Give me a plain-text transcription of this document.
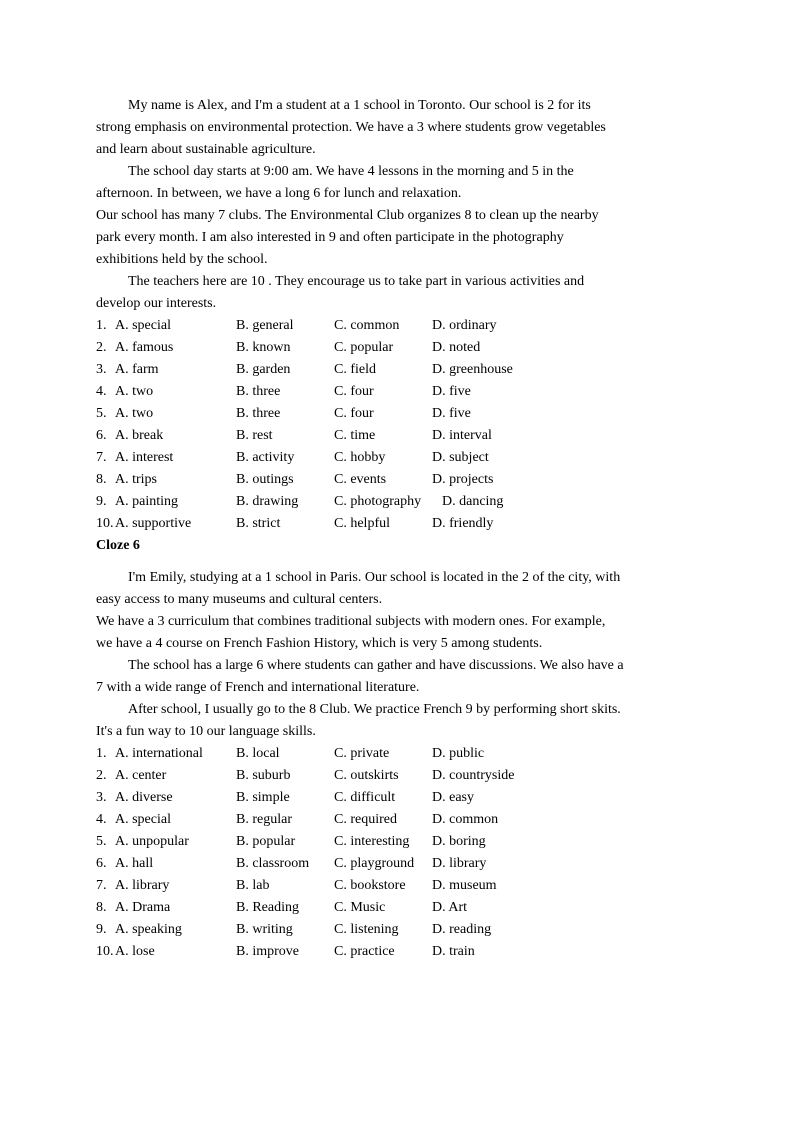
My name is Alex, and I'm a student at a 1 school in Toronto. Our school is 2 for its
strong emphasis on environmental protection. We have a 3 where students grow vegetables
and learn about sustainable agriculture.
The school day starts at 9:00 am. We have 4 lessons in the morning and 5 in the
afternoon. In between, we have a long 6 for lunch and relaxation.
Our school has many 7 clubs. The Environmental Club organizes 8 to clean up the nearby
park every month. I am also interested in 9 and often participate in the photography
exhibitions held by the school.
The teachers here are 10 . They encourage us to take part in various activities and
develop our interests.
1. A. special	B. general	C. common D. ordinary
2. A. famous	B. known	C. popular	D. noted
3. A. farm	B. garden	C. field	D. greenhouse
4. A. two	B. three	C. four	D. five
5. A. two	B. three	C. four	D. five
6. A. break	B. rest	C. time	D. interval
7. A. interest	B. activity	C. hobby	D. subject
8. A. trips	B. outings	C. events	D. projects
9. A. painting	B. drawing	C. photography D. dancing
10. A. supportive	B. strict	C. helpful	D. friendly
Cloze 6
I'm Emily, studying at a 1 school in Paris. Our school is located in the 2 of the city, with
easy access to many museums and cultural centers.
We have a 3 curriculum that combines traditional subjects with modern ones. For example,
we have a 4 course on French Fashion History, which is very 5 among students.
The school has a large 6 where students can gather and have discussions. We also have a
7 with a wide range of French and international literature.
After school, I usually go to the 8 Club. We practice French 9 by performing short skits.
It's a fun way to 10 our language skills.
1. A. international B. local	C. private	D. public
2. A. center	B. suburb	C. outskirts D. countryside
3. A. diverse	B. simple	C. difficult	D. easy
4. A. special	B. regular	C. required	D. common
5. A. unpopular	B. popular	C. interesting D. boring
6. A. hall	B. classroom C. playground D. library
7. A. library	B. lab	C. bookstore D. museum
8. A. Drama	B. Reading	C. Music	D. Art
9. A. speaking	B. writing	C. listening D. reading
10. A. lose	B. improve	C. practice	D. train
